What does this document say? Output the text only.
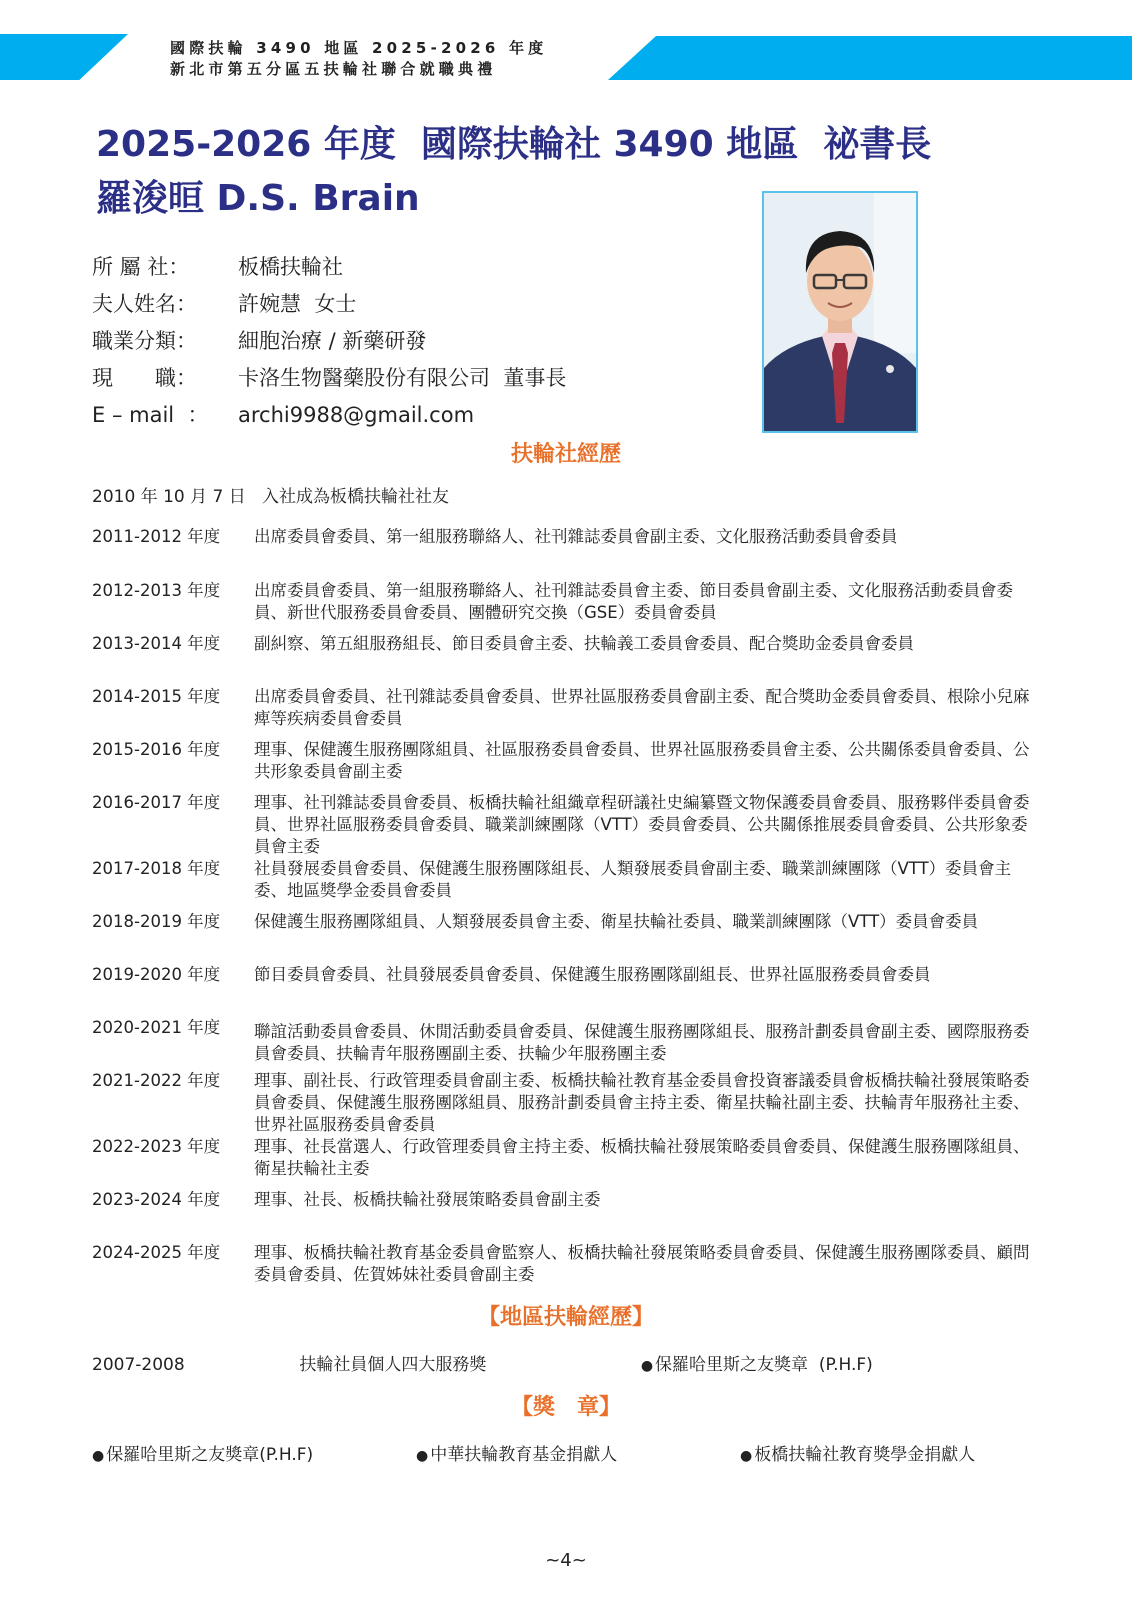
國際扶輪 3490 地區 2025-2026 年度
新北市第五分區五扶輪社聯合就職典禮
2025-2026 年度  國際扶輪社 3490 地區  祕書長
羅浚晅 D.S. Brain
所 屬 社：	板橋扶輪社
夫人姓名：	許婉慧  女士
職業分類：	細胞治療 / 新藥研發
現　　職：	卡洛生物醫藥股份有限公司  董事長
E – mail  ：	archi9988@gmail.com
扶輪社經歷
2010 年 10 月 7 日   入社成為板橋扶輪社社友
2011-2012 年度	出席委員會委員、第一組服務聯絡人、社刊雜誌委員會副主委、文化服務活動委員會委員
2012-2013 年度	出席委員會委員、第一組服務聯絡人、社刊雜誌委員會主委、節目委員會副主委、文化服務活動委員會委員、新世代服務委員會委員、團體研究交換（GSE）委員會委員
2013-2014 年度	副糾察、第五組服務組長、節目委員會主委、扶輪義工委員會委員、配合獎助金委員會委員
2014-2015 年度	出席委員會委員、社刊雜誌委員會委員、世界社區服務委員會副主委、配合獎助金委員會委員、根除小兒麻痺等疾病委員會委員
2015-2016 年度	理事、保健護生服務團隊組員、社區服務委員會委員、世界社區服務委員會主委、公共關係委員會委員、公共形象委員會副主委
2016-2017 年度	理事、社刊雜誌委員會委員、板橋扶輪社組織章程研議社史編纂暨文物保護委員會委員、服務夥伴委員會委員、世界社區服務委員會委員、職業訓練團隊（VTT）委員會委員、公共關係推展委員會委員、公共形象委員會主委
2017-2018 年度	社員發展委員會委員、保健護生服務團隊組長、人類發展委員會副主委、職業訓練團隊（VTT）委員會主委、地區獎學金委員會委員
2018-2019 年度	保健護生服務團隊組員、人類發展委員會主委、衛星扶輪社委員、職業訓練團隊（VTT）委員會委員
2019-2020 年度	節目委員會委員、社員發展委員會委員、保健護生服務團隊副組長、世界社區服務委員會委員
2020-2021 年度	聯誼活動委員會委員、休閒活動委員會委員、保健護生服務團隊組長、服務計劃委員會副主委、國際服務委員會委員、扶輪青年服務團副主委、扶輪少年服務團主委
2021-2022 年度	理事、副社長、行政管理委員會副主委、板橋扶輪社教育基金委員會投資審議委員會板橋扶輪社發展策略委員會委員、保健護生服務團隊組員、服務計劃委員會主持主委、衛星扶輪社副主委、扶輪青年服務社主委、世界社區服務委員會委員
2022-2023 年度	理事、社長當選人、行政管理委員會主持主委、板橋扶輪社發展策略委員會委員、保健護生服務團隊組員、衛星扶輪社主委
2023-2024 年度	理事、社長、板橋扶輪社發展策略委員會副主委
2024-2025 年度	理事、板橋扶輪社教育基金委員會監察人、板橋扶輪社發展策略委員會委員、保健護生服務團隊委員、顧問委員會委員、佐賀姊妹社委員會副主委
【地區扶輪經歷】
2007-2008	扶輪社員個人四大服務獎	● 保羅哈里斯之友獎章  (P.H.F)
【獎　章】
● 保羅哈里斯之友獎章(P.H.F)	● 中華扶輪教育基金捐獻人	● 板橋扶輪社教育獎學金捐獻人
~4~
